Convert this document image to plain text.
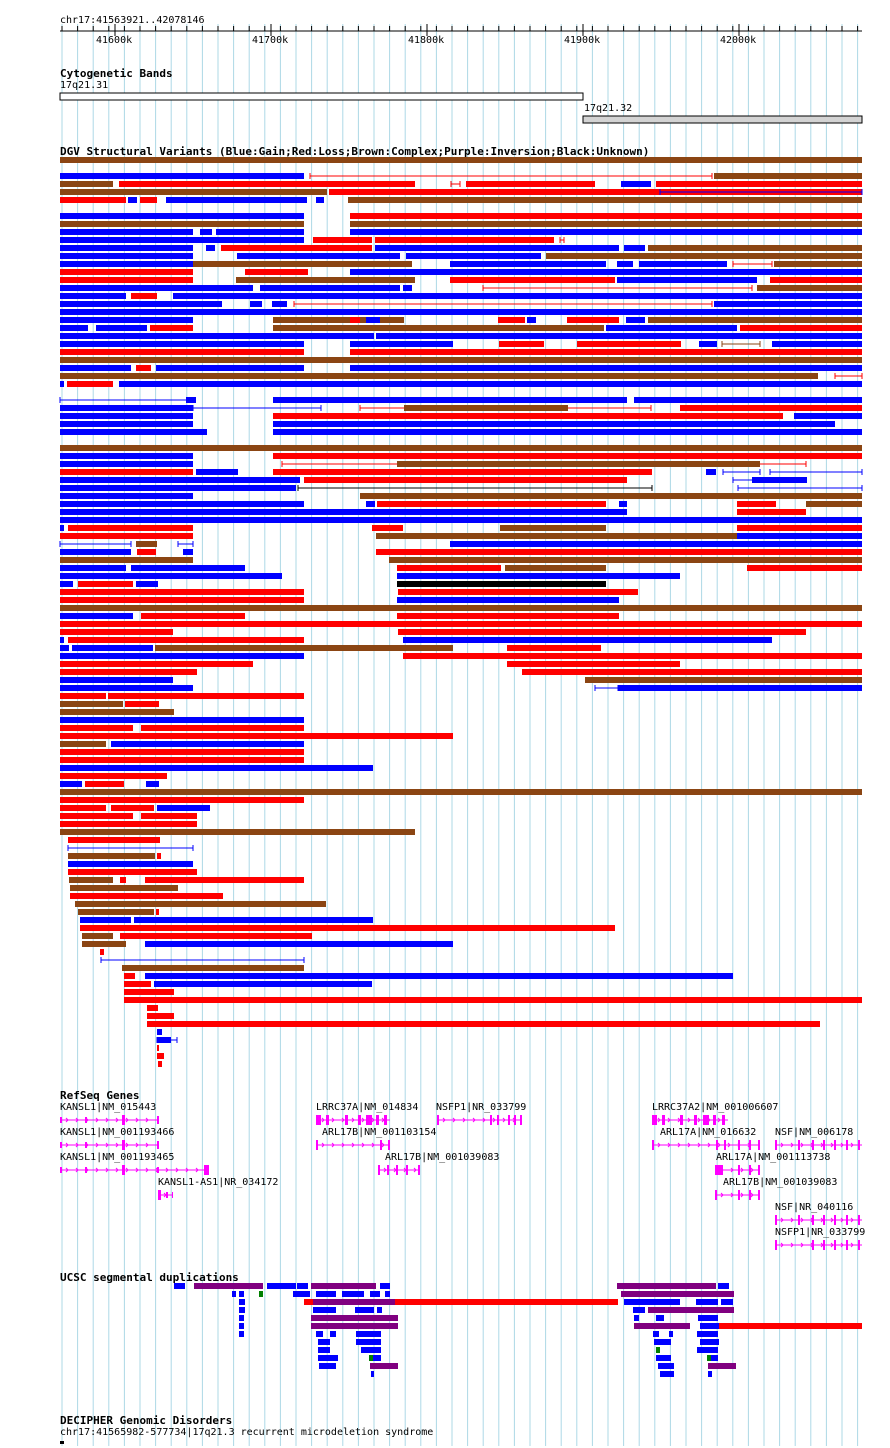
chr17:41563921..42078146
41600k	41700k	41800k	41900k	42000k
Cytogenetic Bands
17q21.31
17q21.32
DGV Structural Variants (Blue:Gain;Red:Loss;Brown:Complex;Purple:Inversion;Black:Unknown)
RefSeq Genes
KANSL1|NM_015443
KANSL1|NM_001193466
KANSL1|NM_001193465
KANSL1-AS1|NR_034172
LRRC37A|NM_014834 NSFP1|NR_033799
ARL17B|NM_001103154
ARL17B|NM_001039083
LRRC37A2|NM_001006607
ARL17A|NM_016632 NSF|NM_006178
ARL17A|NM_001113738
ARL17B|NM_001039083
NSF|NR_040116
NSFP1|NR_033799
UCSC segmental duplications
DECIPHER Genomic Disorders
chr17:41565982-577734|17q21.3 recurrent microdeletion syndrome
